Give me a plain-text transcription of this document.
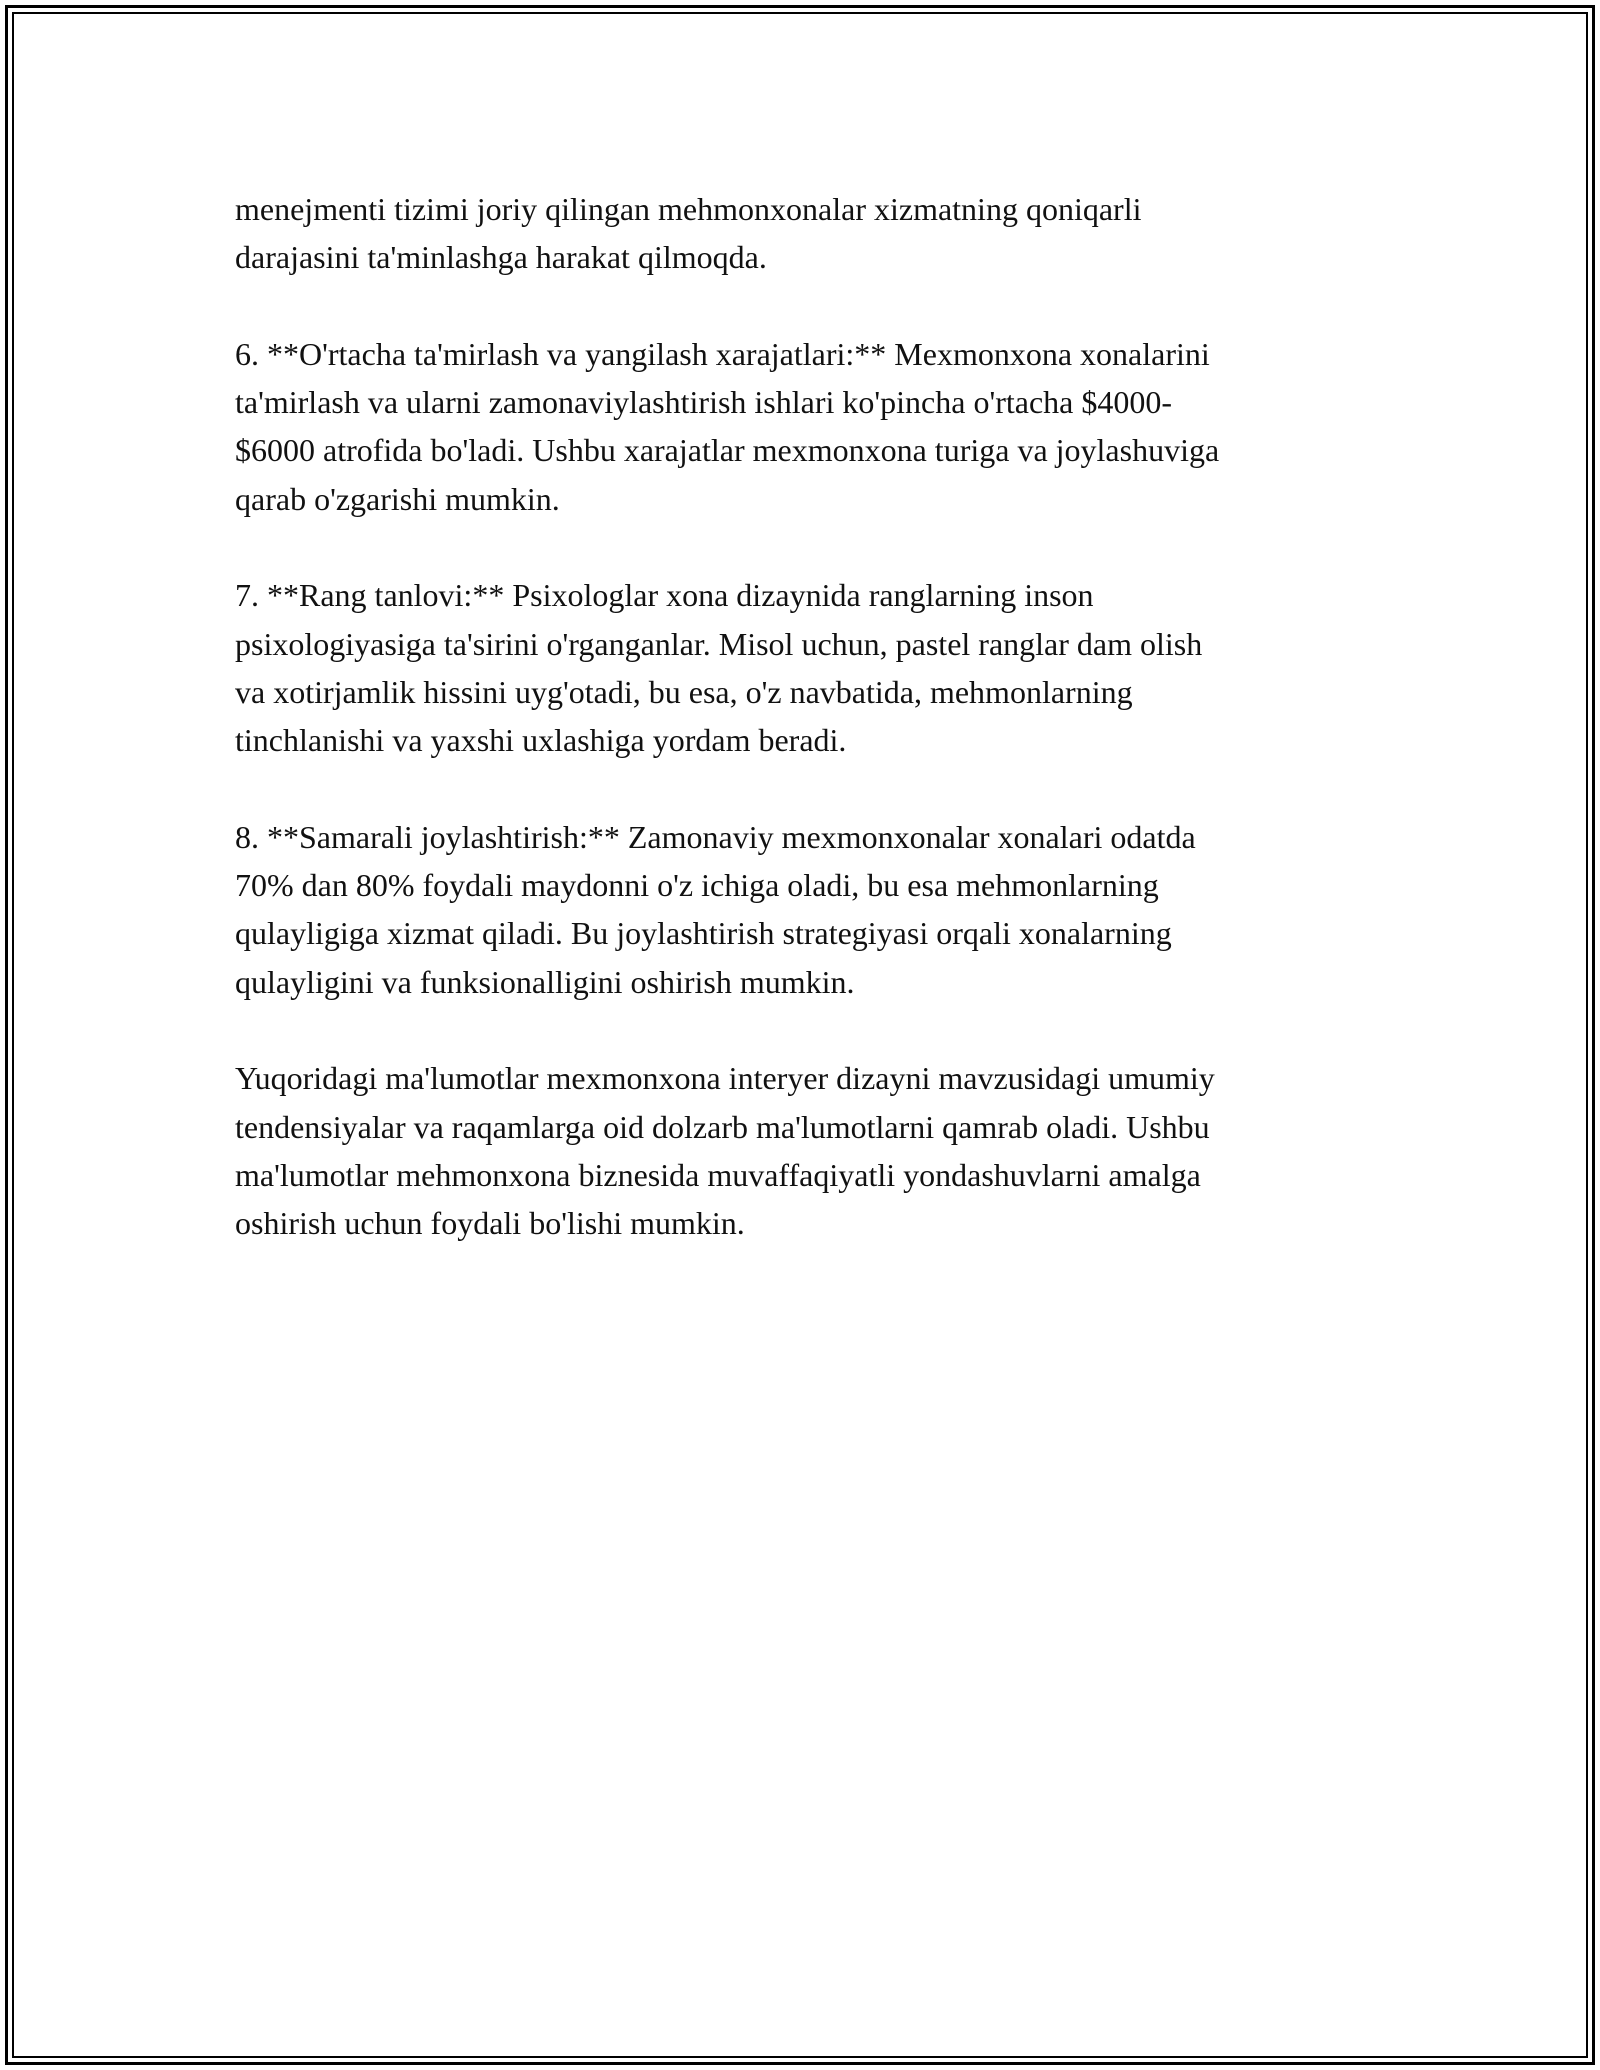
menejmenti tizimi joriy qilingan mehmonxonalar xizmatning qoniqarli
darajasini ta'minlashga harakat qilmoqda.

6. **O'rtacha ta'mirlash va yangilash xarajatlari:** Mexmonxona xonalarini
ta'mirlash va ularni zamonaviylashtirish ishlari ko'pincha o'rtacha $4000-
$6000 atrofida bo'ladi. Ushbu xarajatlar mexmonxona turiga va joylashuviga
qarab o'zgarishi mumkin.

7. **Rang tanlovi:** Psixologlar xona dizaynida ranglarning inson
psixologiyasiga ta'sirini o'rganganlar. Misol uchun, pastel ranglar dam olish
va xotirjamlik hissini uyg'otadi, bu esa, o'z navbatida, mehmonlarning
tinchlanishi va yaxshi uxlashiga yordam beradi.

8. **Samarali joylashtirish:** Zamonaviy mexmonxonalar xonalari odatda
70% dan 80% foydali maydonni o'z ichiga oladi, bu esa mehmonlarning
qulayligiga xizmat qiladi. Bu joylashtirish strategiyasi orqali xonalarning
qulayligini va funksionalligini oshirish mumkin.

Yuqoridagi ma'lumotlar mexmonxona interyer dizayni mavzusidagi umumiy
tendensiyalar va raqamlarga oid dolzarb ma'lumotlarni qamrab oladi. Ushbu
ma'lumotlar mehmonxona biznesida muvaffaqiyatli yondashuvlarni amalga
oshirish uchun foydali bo'lishi mumkin.
